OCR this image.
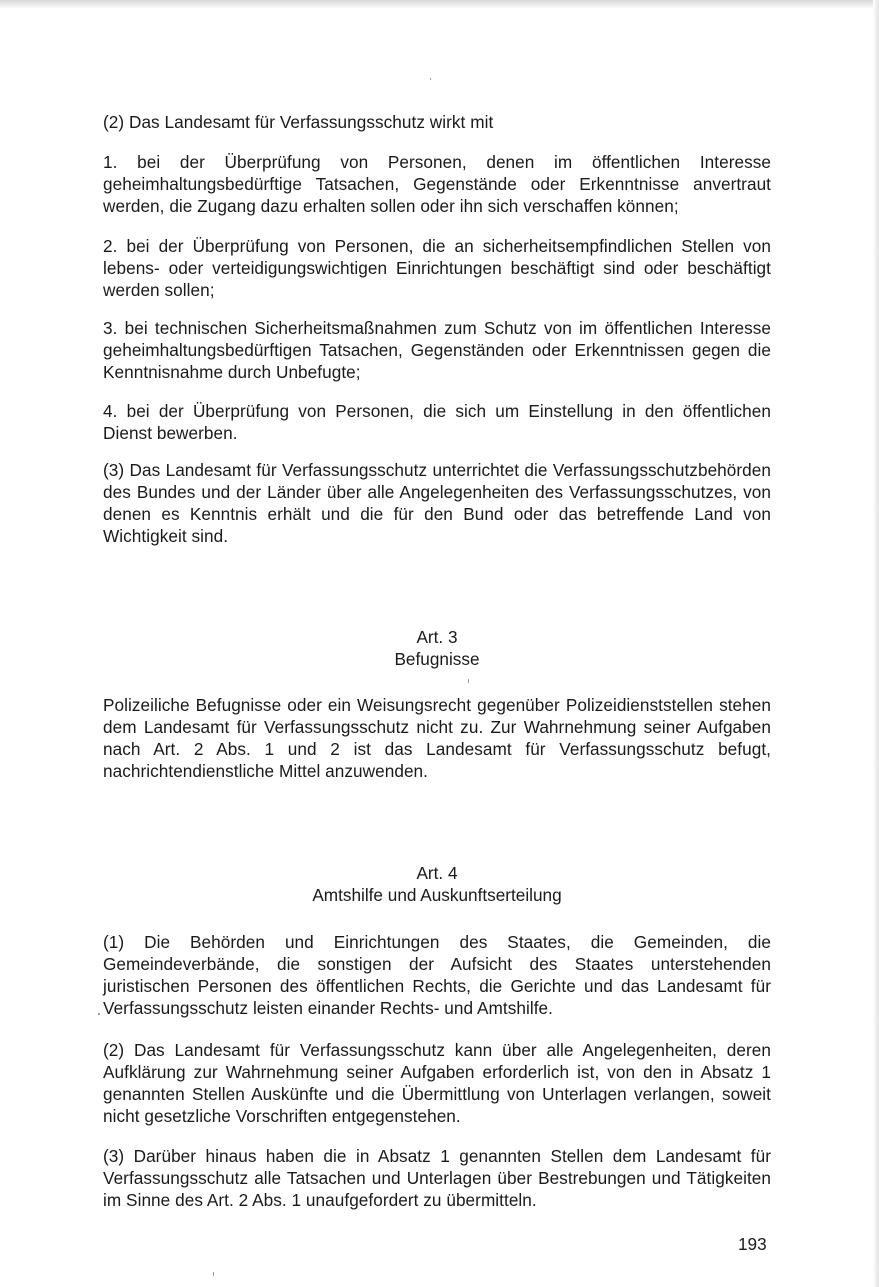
(2) Das Landesamt für Verfassungsschutz wirkt mit

1. bei der Überprüfung von Personen, denen im öffentlichen Interesse geheimhaltungsbedürftige Tatsachen, Gegenstände oder Erkenntnisse anvertraut werden, die Zugang dazu erhalten sollen oder ihn sich verschaffen können;

2. bei der Überprüfung von Personen, die an sicherheitsempfindlichen Stellen von lebens- oder verteidigungswichtigen Einrichtungen beschäftigt sind oder beschäftigt werden sollen;

3. bei technischen Sicherheitsmaßnahmen zum Schutz von im öffentlichen Interesse geheimhaltungsbedürftigen Tatsachen, Gegenständen oder Erkenntnissen gegen die Kenntnisnahme durch Unbefugte;

4. bei der Überprüfung von Personen, die sich um Einstellung in den öffentlichen Dienst bewerben.

(3) Das Landesamt für Verfassungsschutz unterrichtet die Verfassungsschutzbehörden des Bundes und der Länder über alle Angelegenheiten des Verfassungsschutzes, von denen es Kenntnis erhält und die für den Bund oder das betreffende Land von Wichtigkeit sind.

Art. 3
Befugnisse

Polizeiliche Befugnisse oder ein Weisungsrecht gegenüber Polizeidienststellen stehen dem Landesamt für Verfassungsschutz nicht zu. Zur Wahrnehmung seiner Aufgaben nach Art. 2 Abs. 1 und 2 ist das Landesamt für Verfassungsschutz befugt, nachrichtendienstliche Mittel anzuwenden.

Art. 4
Amtshilfe und Auskunftserteilung

(1) Die Behörden und Einrichtungen des Staates, die Gemeinden, die Gemeindeverbände, die sonstigen der Aufsicht des Staates unterstehenden juristischen Personen des öffentlichen Rechts, die Gerichte und das Landesamt für Verfassungsschutz leisten einander Rechts- und Amtshilfe.

(2) Das Landesamt für Verfassungsschutz kann über alle Angelegenheiten, deren Aufklärung zur Wahrnehmung seiner Aufgaben erforderlich ist, von den in Absatz 1 genannten Stellen Auskünfte und die Übermittlung von Unterlagen verlangen, soweit nicht gesetzliche Vorschriften entgegenstehen.

(3) Darüber hinaus haben die in Absatz 1 genannten Stellen dem Landesamt für Verfassungsschutz alle Tatsachen und Unterlagen über Bestrebungen und Tätigkeiten im Sinne des Art. 2 Abs. 1 unaufgefordert zu übermitteln.

193
